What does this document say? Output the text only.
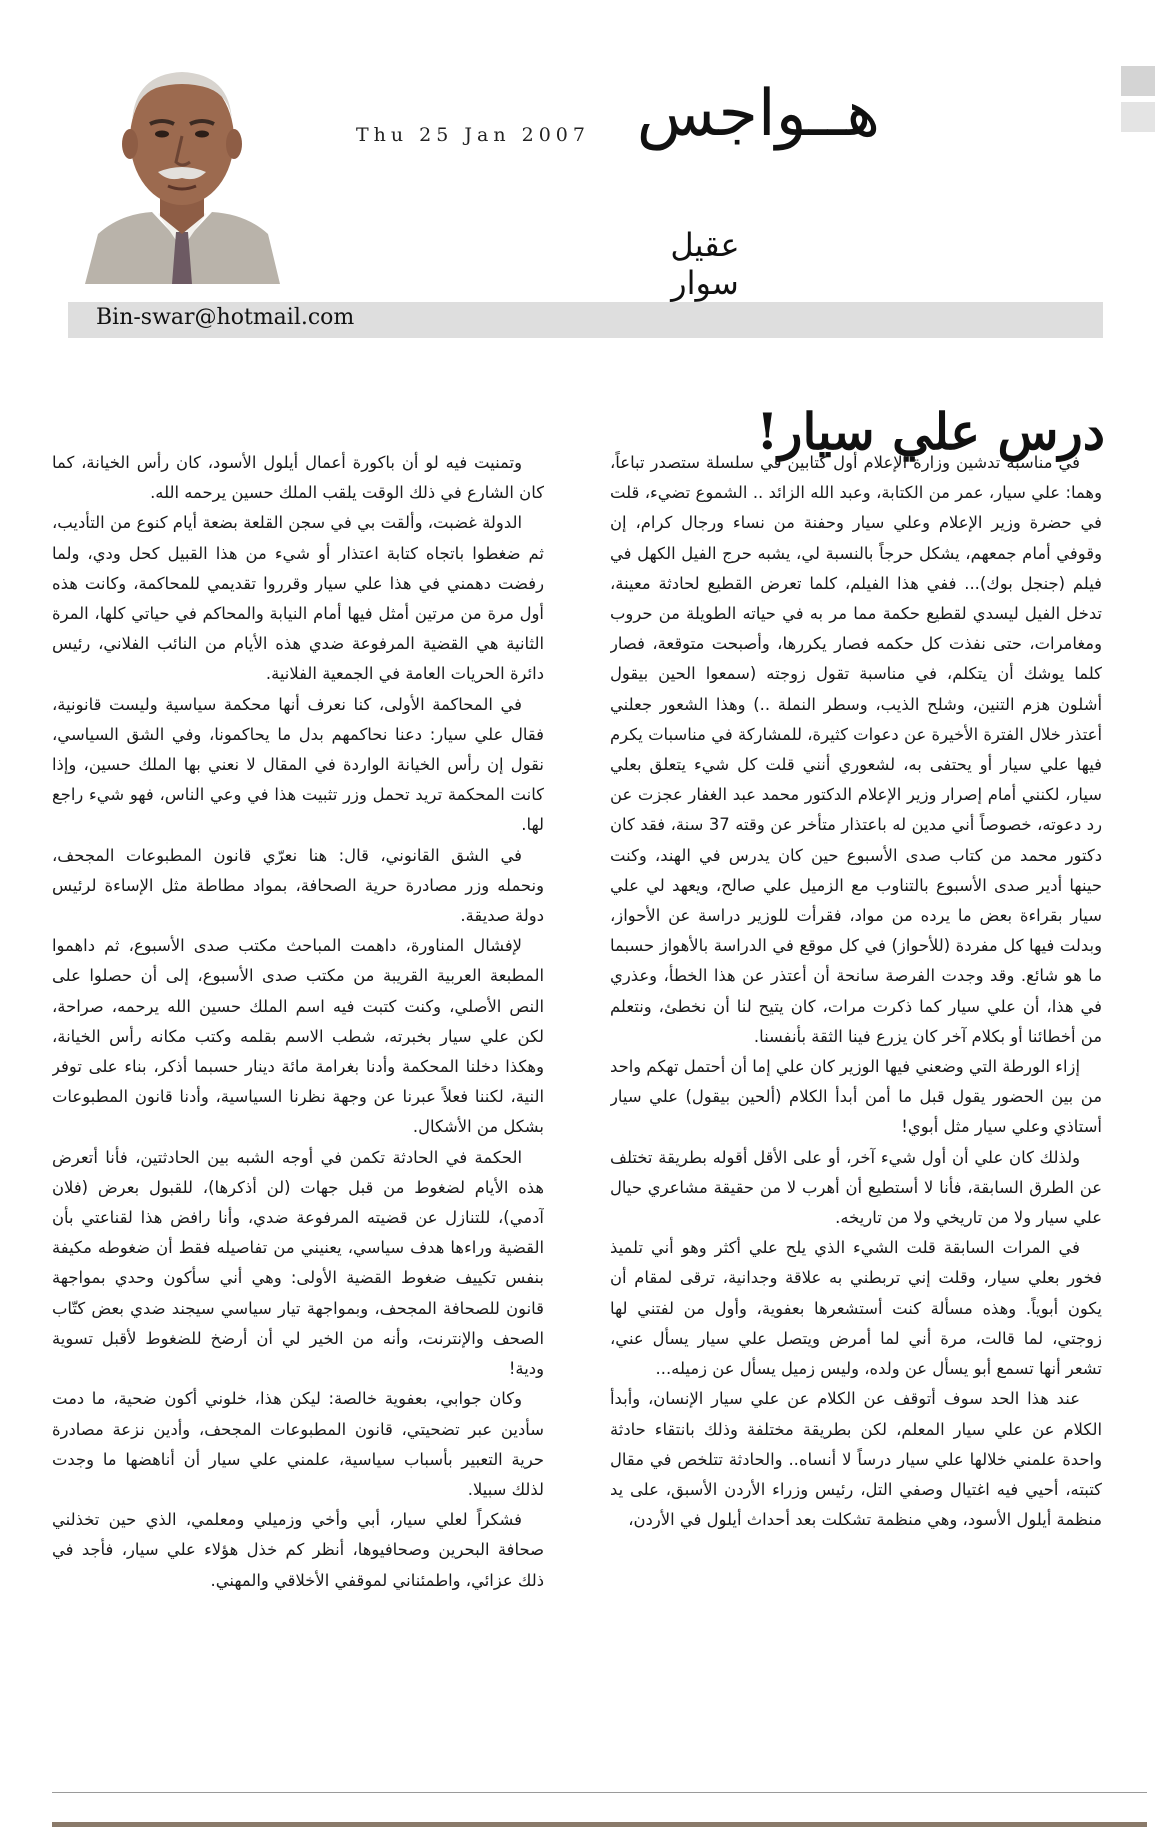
Thu 25 Jan 2007 هــواجس
عقيل سوار
Bin-swar@hotmail.com
درس علي سيار!

في مناسبة تدشين وزارة الإعلام أول كتابين في سلسلة ستصدر تباعاً، وهما: علي سيار، عمر من الكتابة، وعبد الله الزائد .. الشموع تضيء، قلت في حضرة وزير الإعلام وعلي سيار وحفنة من نساء ورجال كرام، إن وقوفي أمام جمعهم، يشكل حرجاً بالنسبة لي، يشبه حرج الفيل الكهل في فيلم (جنجل بوك)... ففي هذا الفيلم، كلما تعرض القطيع لحادثة معينة، تدخل الفيل ليسدي لقطيع حكمة مما مر به في حياته الطويلة من حروب ومغامرات، حتى نفذت كل حكمه فصار يكررها، وأصبحت متوقعة، فصار كلما يوشك أن يتكلم، في مناسبة تقول زوجته (سمعوا الحين بيقول أشلون هزم التنين، وشلح الذيب، وسطر النملة ..) وهذا الشعور جعلني أعتذر خلال الفترة الأخيرة عن دعوات كثيرة، للمشاركة في مناسبات يكرم فيها علي سيار أو يحتفى به، لشعوري أنني قلت كل شيء يتعلق بعلي سيار، لكنني أمام إصرار وزير الإعلام الدكتور محمد عبد الغفار عجزت عن رد دعوته، خصوصاً أني مدين له باعتذار متأخر عن وقته 37 سنة، فقد كان دكتور محمد من كتاب صدى الأسبوع حين كان يدرس في الهند، وكنت حينها أدير صدى الأسبوع بالتناوب مع الزميل علي صالح، ويعهد لي علي سيار بقراءة بعض ما يرده من مواد، فقرأت للوزير دراسة عن الأحواز، وبدلت فيها كل مفردة (للأحواز) في كل موقع في الدراسة بالأهواز حسبما ما هو شائع. وقد وجدت الفرصة سانحة أن أعتذر عن هذا الخطأ، وعذري في هذا، أن علي سيار كما ذكرت مرات، كان يتيح لنا أن نخطئ، ونتعلم من أخطائنا أو بكلام آخر كان يزرع فينا الثقة بأنفسنا.

إزاء الورطة التي وضعني فيها الوزير كان علي إما أن أحتمل تهكم واحد من بين الحضور يقول قبل ما أمن أبدأ الكلام (ألحين بيقول) علي سيار أستاذي وعلي سيار مثل أبوي!

ولذلك كان علي أن أول شيء آخر، أو على الأقل أقوله بطريقة تختلف عن الطرق السابقة، فأنا لا أستطيع أن أهرب لا من حقيقة مشاعري حيال علي سيار ولا من تاريخي ولا من تاريخه.

في المرات السابقة قلت الشيء الذي يلح علي أكثر وهو أني تلميذ فخور بعلي سيار، وقلت إني تربطني به علاقة وجدانية، ترقى لمقام أن يكون أبوياً. وهذه مسألة كنت أستشعرها بعفوية، وأول من لفتني لها زوجتي، لما قالت، مرة أني لما أمرض ويتصل علي سيار يسأل عني، تشعر أنها تسمع أبو يسأل عن ولده، وليس زميل يسأل عن زميله...

عند هذا الحد سوف أتوقف عن الكلام عن علي سيار الإنسان، وأبدأ الكلام عن علي سيار المعلم، لكن بطريقة مختلفة وذلك بانتقاء حادثة واحدة علمني خلالها علي سيار درساً لا أنساه.. والحادثة تتلخص في مقال كتبته، أحيي فيه اغتيال وصفي التل، رئيس وزراء الأردن الأسبق، على يد منظمة أيلول الأسود، وهي منظمة تشكلت بعد أحداث أيلول في الأردن،

وتمنيت فيه لو أن باكورة أعمال أيلول الأسود، كان رأس الخيانة، كما كان الشارع في ذلك الوقت يلقب الملك حسين يرحمه الله.

الدولة غضبت، وألقت بي في سجن القلعة بضعة أيام كنوع من التأديب، ثم ضغطوا باتجاه كتابة اعتذار أو شيء من هذا القبيل كحل ودي، ولما رفضت دهمني في هذا علي سيار وقرروا تقديمي للمحاكمة، وكانت هذه أول مرة من مرتين أمثل فيها أمام النيابة والمحاكم في حياتي كلها، المرة الثانية هي القضية المرفوعة ضدي هذه الأيام من النائب الفلاني، رئيس دائرة الحريات العامة في الجمعية الفلانية.

في المحاكمة الأولى، كنا نعرف أنها محكمة سياسية وليست قانونية، فقال علي سيار: دعنا نحاكمهم بدل ما يحاكمونا، وفي الشق السياسي، نقول إن رأس الخيانة الواردة في المقال لا نعني بها الملك حسين، وإذا كانت المحكمة تريد تحمل وزر تثبيت هذا في وعي الناس، فهو شيء راجع لها.

في الشق القانوني، قال: هنا نعرّي قانون المطبوعات المجحف، ونحمله وزر مصادرة حرية الصحافة، بمواد مطاطة مثل الإساءة لرئيس دولة صديقة.

لإفشال المناورة، داهمت المباحث مكتب صدى الأسبوع، ثم داهموا المطبعة العربية القريبة من مكتب صدى الأسبوع، إلى أن حصلوا على النص الأصلي، وكنت كتبت فيه اسم الملك حسين الله يرحمه، صراحة، لكن علي سيار بخبرته، شطب الاسم بقلمه وكتب مكانه رأس الخيانة، وهكذا دخلنا المحكمة وأدنا بغرامة مائة دينار حسبما أذكر، بناء على توفر النية، لكننا فعلاً عبرنا عن وجهة نظرنا السياسية، وأدنا قانون المطبوعات بشكل من الأشكال.

الحكمة في الحادثة تكمن في أوجه الشبه بين الحادثتين، فأنا أتعرض هذه الأيام لضغوط من قبل جهات (لن أذكرها)، للقبول بعرض (فلان آدمي)، للتنازل عن قضيته المرفوعة ضدي، وأنا رافض هذا لقناعتي بأن القضية وراءها هدف سياسي، يعنيني من تفاصيله فقط أن ضغوطه مكيفة بنفس تكييف ضغوط القضية الأولى: وهي أني سأكون وحدي بمواجهة قانون للصحافة المجحف، وبمواجهة تيار سياسي سيجند ضدي بعض كتّاب الصحف والإنترنت، وأنه من الخير لي أن أرضخ للضغوط لأقبل تسوية ودية!

وكان جوابي، بعفوية خالصة: ليكن هذا، خلوني أكون ضحية، ما دمت سأدين عبر تضحيتي، قانون المطبوعات المجحف، وأدين نزعة مصادرة حرية التعبير بأسباب سياسية، علمني علي سيار أن أناهضها ما وجدت لذلك سبيلا.

فشكراً لعلي سيار، أبي وأخي وزميلي ومعلمي، الذي حين تخذلني صحافة البحرين وصحافيوها، أنظر كم خذل هؤلاء علي سيار، فأجد في ذلك عزائي، واطمئناني لموقفي الأخلاقي والمهني.
